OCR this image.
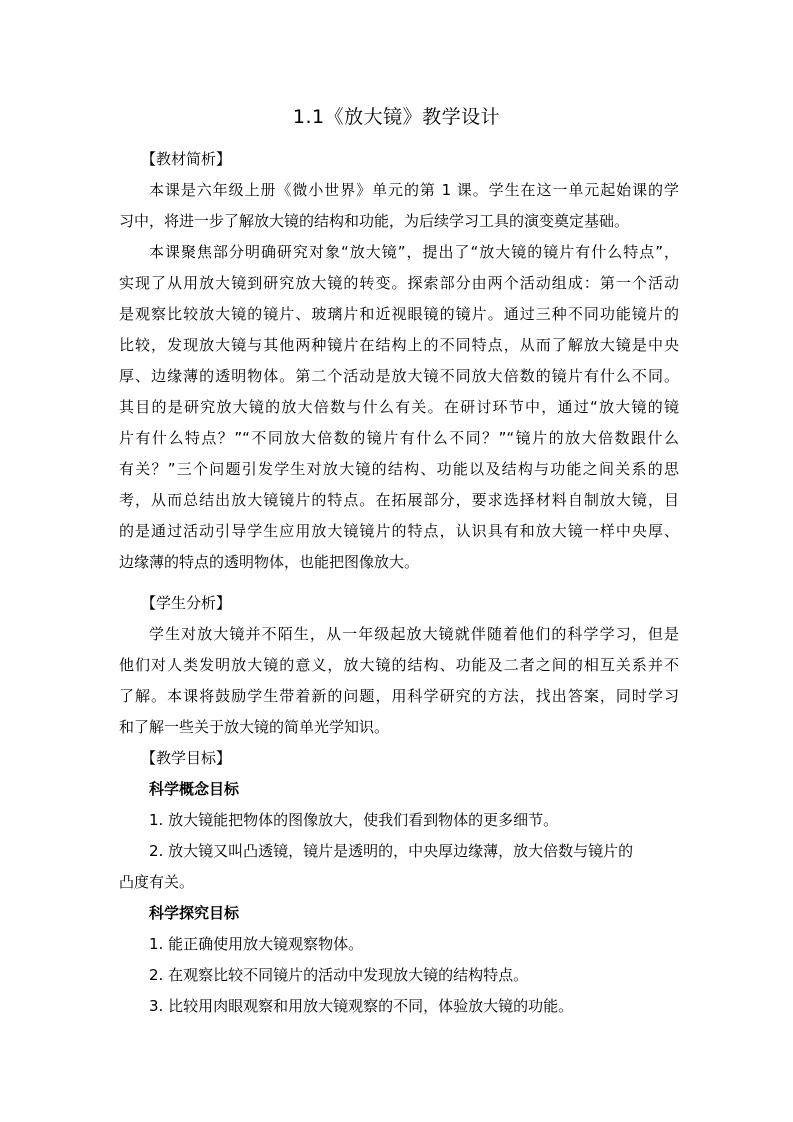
1.1《放大镜》教学设计
【教材简析】
本课是六年级上册《微小世界》单元的第 1 课。学生在这一单元起始课的学
习中，将进一步了解放大镜的结构和功能，为后续学习工具的演变奠定基础。
本课聚焦部分明确研究对象“放大镜”，提出了“放大镜的镜片有什么特点”，
实现了从用放大镜到研究放大镜的转变。探索部分由两个活动组成：第一个活动
是观察比较放大镜的镜片、玻璃片和近视眼镜的镜片。通过三种不同功能镜片的
比较，发现放大镜与其他两种镜片在结构上的不同特点，从而了解放大镜是中央
厚、边缘薄的透明物体。第二个活动是放大镜不同放大倍数的镜片有什么不同。
其目的是研究放大镜的放大倍数与什么有关。在研讨环节中，通过“放大镜的镜
片有什么特点？”“不同放大倍数的镜片有什么不同？”“镜片的放大倍数跟什么
有关？”三个问题引发学生对放大镜的结构、功能以及结构与功能之间关系的思
考，从而总结出放大镜镜片的特点。在拓展部分，要求选择材料自制放大镜，目
的是通过活动引导学生应用放大镜镜片的特点，认识具有和放大镜一样中央厚、
边缘薄的特点的透明物体，也能把图像放大。
【学生分析】
学生对放大镜并不陌生，从一年级起放大镜就伴随着他们的科学学习，但是
他们对人类发明放大镜的意义，放大镜的结构、功能及二者之间的相互关系并不
了解。本课将鼓励学生带着新的问题，用科学研究的方法，找出答案，同时学习
和了解一些关于放大镜的简单光学知识。
【教学目标】
科学概念目标
1. 放大镜能把物体的图像放大，使我们看到物体的更多细节。
2. 放大镜又叫凸透镜，镜片是透明的，中央厚边缘薄，放大倍数与镜片的
凸度有关。
科学探究目标
1. 能正确使用放大镜观察物体。
2. 在观察比较不同镜片的活动中发现放大镜的结构特点。
3. 比较用肉眼观察和用放大镜观察的不同，体验放大镜的功能。
